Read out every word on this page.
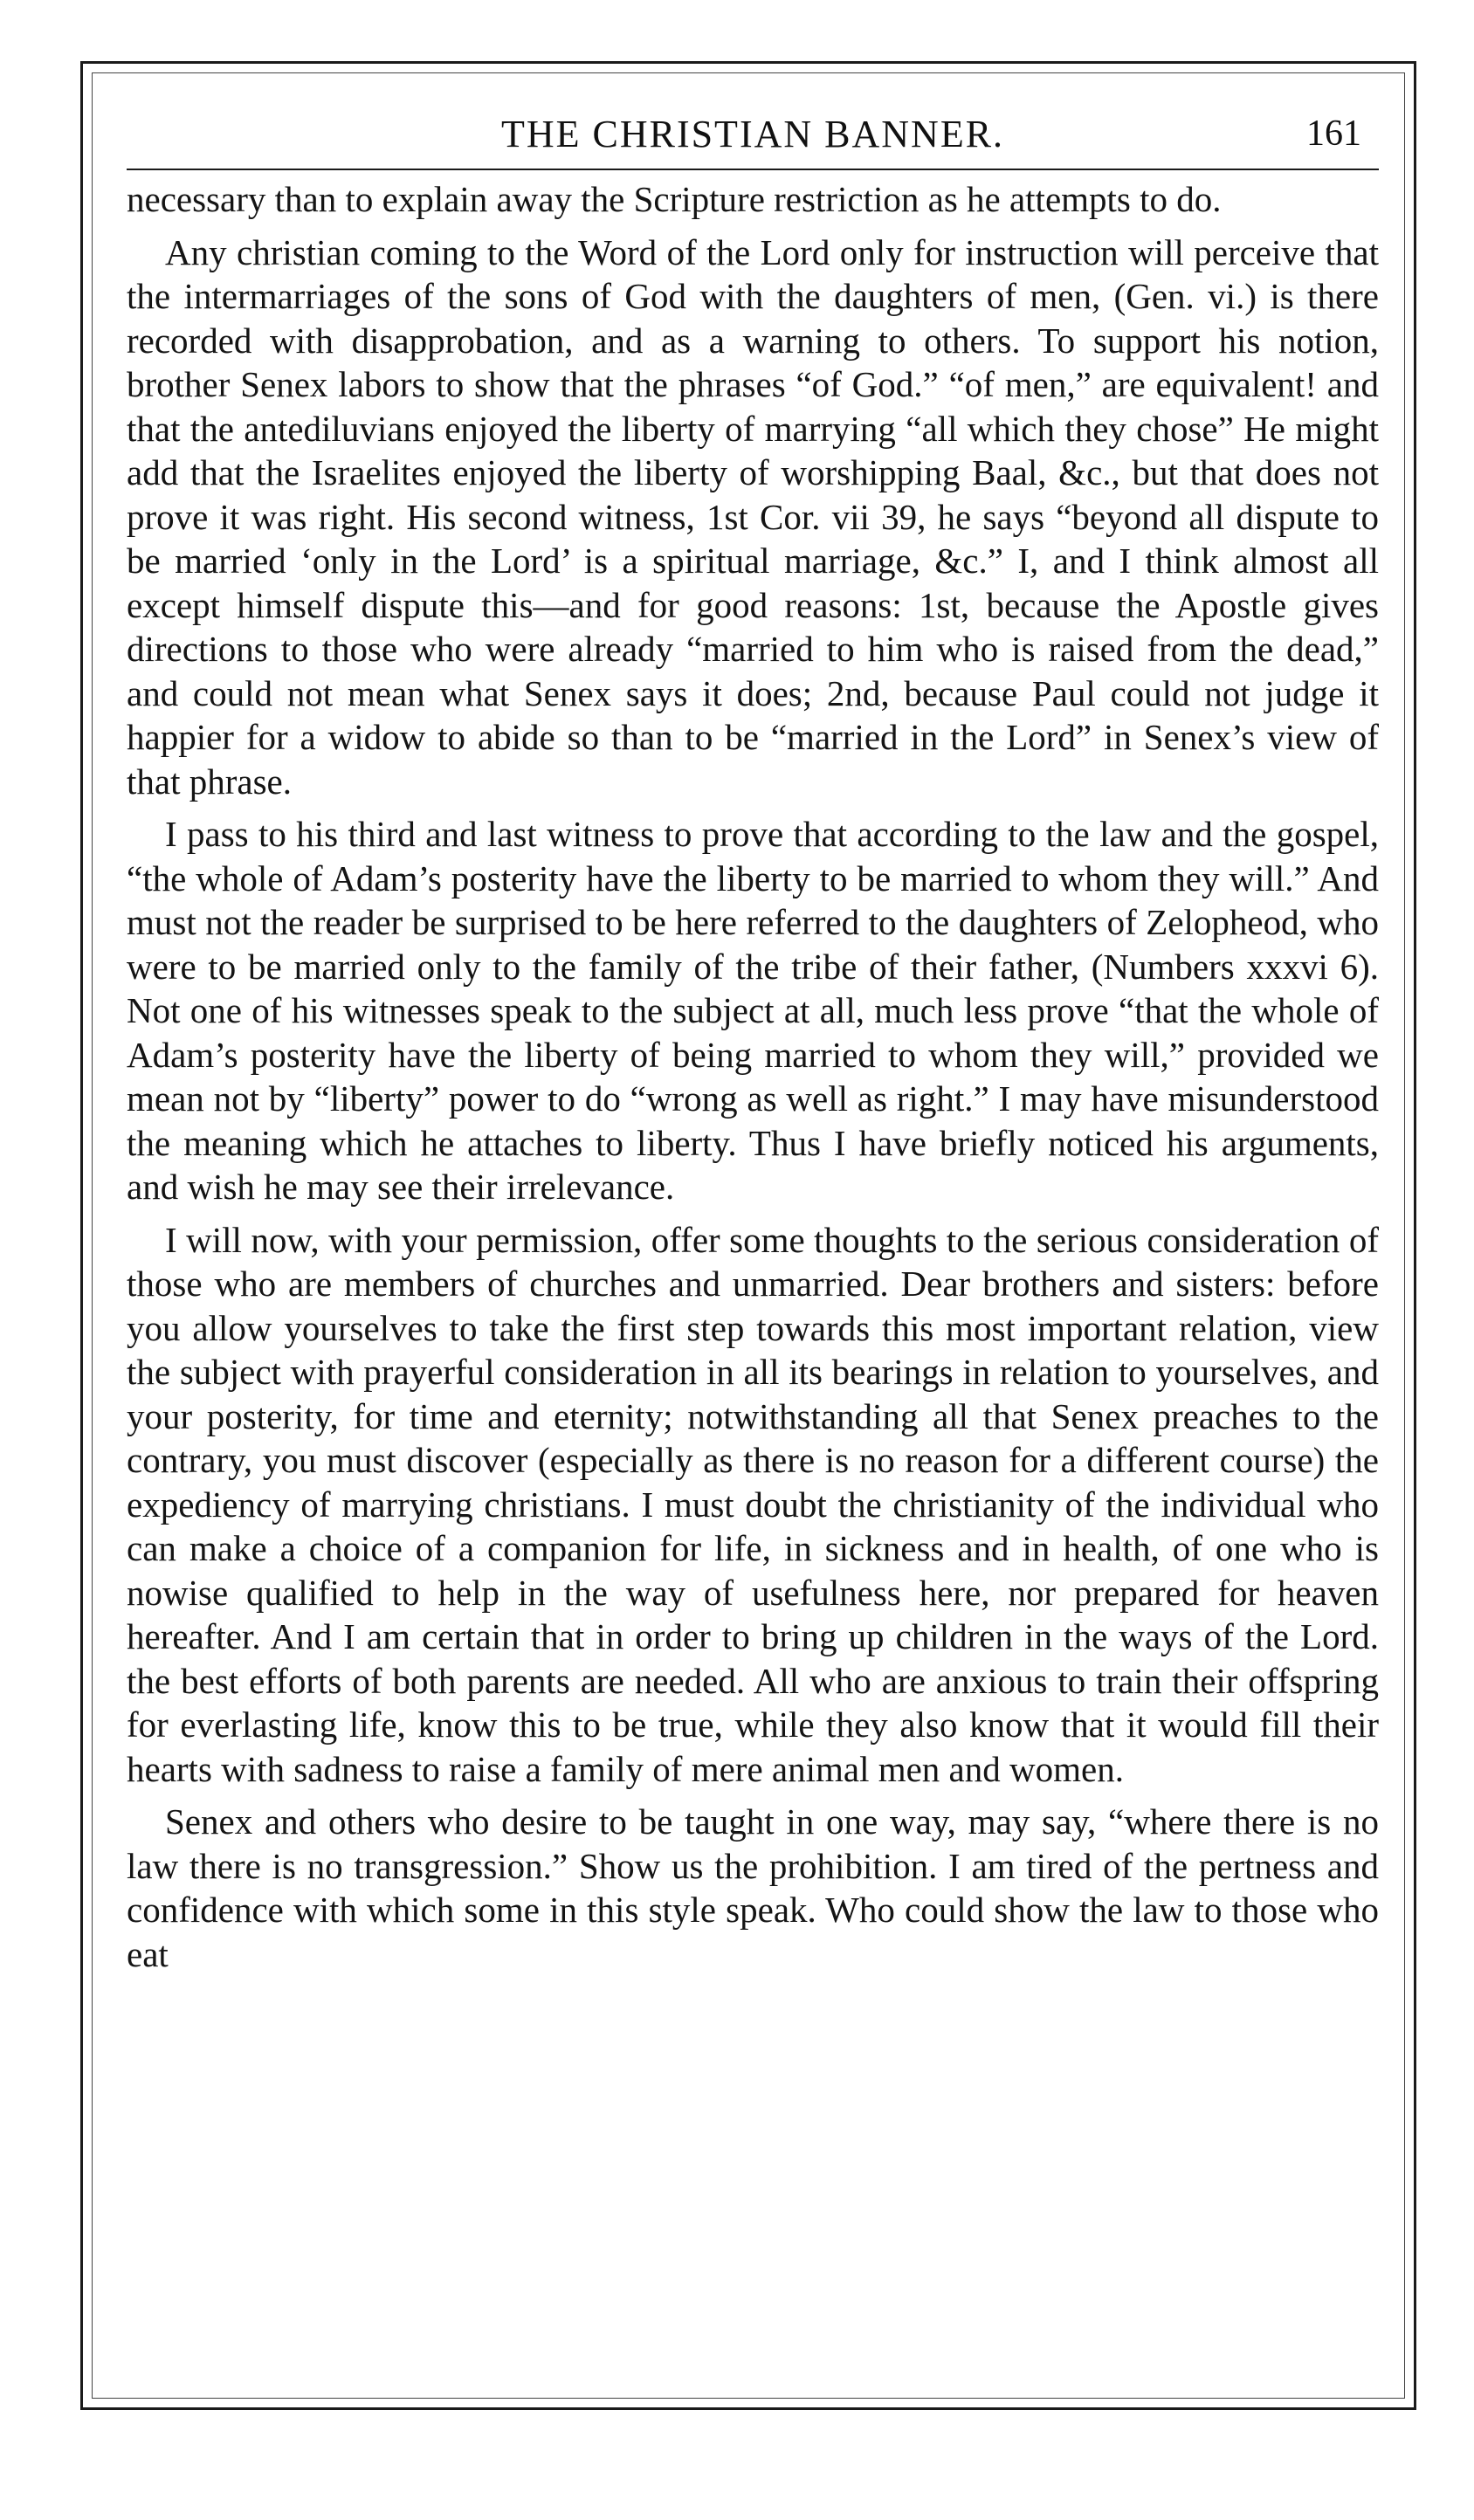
THE CHRISTIAN BANNER.	161

necessary than to explain away the Scripture restriction as he attempts to do.

Any christian coming to the Word of the Lord only for instruction will perceive that the intermarriages of the sons of God with the daughters of men, (Gen. vi.) is there recorded with disapprobation, and as a warning to others. To support his notion, brother Senex labors to show that the phrases “of God.” “of men,” are equivalent! and that the antediluvians enjoyed the liberty of marrying “all which they chose” He might add that the Israelites enjoyed the liberty of worshipping Baal, &c., but that does not prove it was right. His second witness, 1st Cor. vii 39, he says “beyond all dispute to be married ‘only in the Lord’ is a spiritual marriage, &c.” I, and I think almost all except himself dispute this—and for good reasons: 1st, because the Apostle gives directions to those who were already “married to him who is raised from the dead,” and could not mean what Senex says it does; 2nd, because Paul could not judge it happier for a widow to abide so than to be “married in the Lord” in Senex’s view of that phrase.

I pass to his third and last witness to prove that according to the law and the gospel, “the whole of Adam’s posterity have the liberty to be married to whom they will.” And must not the reader be surprised to be here referred to the daughters of Zelopheod, who were to be married only to the family of the tribe of their father, (Numbers xxxvi 6). Not one of his witnesses speak to the subject at all, much less prove “that the whole of Adam’s posterity have the liberty of being married to whom they will,” provided we mean not by “liberty” power to do “wrong as well as right.” I may have misunderstood the meaning which he attaches to liberty. Thus I have briefly noticed his arguments, and wish he may see their irrelevance.

I will now, with your permission, offer some thoughts to the serious consideration of those who are members of churches and unmarried. Dear brothers and sisters: before you allow yourselves to take the first step towards this most important relation, view the subject with prayerful consideration in all its bearings in relation to yourselves, and your posterity, for time and eternity; notwithstanding all that Senex preaches to the contrary, you must discover (especially as there is no reason for a different course) the expediency of marrying christians. I must doubt the christianity of the individual who can make a choice of a companion for life, in sickness and in health, of one who is nowise qualified to help in the way of usefulness here, nor prepared for heaven hereafter. And I am certain that in order to bring up children in the ways of the Lord. the best efforts of both parents are needed. All who are anxious to train their offspring for everlasting life, know this to be true, while they also know that it would fill their hearts with sadness to raise a family of mere animal men and women.

Senex and others who desire to be taught in one way, may say, “where there is no law there is no transgression.” Show us the prohibition. I am tired of the pertness and confidence with which some in this style speak. Who could show the law to those who eat
